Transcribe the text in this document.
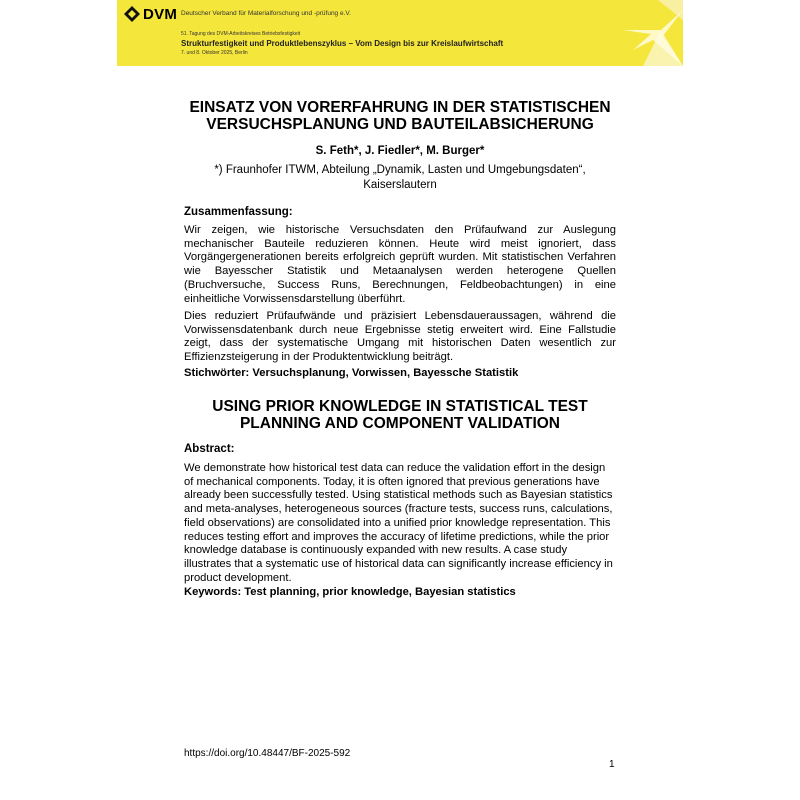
DVM Deutscher Verband für Materialforschung und -prüfung e.V.
51. Tagung des DVM-Arbeitskreises Betriebsfestigkeit
Strukturfestigkeit und Produktlebenszyklus – Vom Design bis zur Kreislaufwirtschaft
7. und 8. Oktober 2025, Berlin
EINSATZ VON VORERFAHRUNG IN DER STATISTISCHEN
VERSUCHSPLANUNG UND BAUTEILABSICHERUNG
S. Feth*, J. Fiedler*, M. Burger*
*) Fraunhofer ITWM, Abteilung „Dynamik, Lasten und Umgebungsdaten“, Kaiserslautern
Zusammenfassung:

Wir zeigen, wie historische Versuchsdaten den Prüfaufwand zur Auslegung mechanischer Bauteile reduzieren können. Heute wird meist ignoriert, dass Vorgängergenerationen bereits erfolgreich geprüft wurden. Mit statistischen Verfahren wie Bayesscher Statistik und Metaanalysen werden heterogene Quellen (Bruchversuche, Success Runs, Berechnungen, Feldbeobachtungen) in eine einheitliche Vorwissensdarstellung überführt.

Dies reduziert Prüfaufwände und präzisiert Lebensdaueraussagen, während die Vorwissensdatenbank durch neue Ergebnisse stetig erweitert wird. Eine Fallstudie zeigt, dass der systematische Umgang mit historischen Daten wesentlich zur Effizienzsteigerung in der Produktentwicklung beiträgt.

Stichwörter: Versuchsplanung, Vorwissen, Bayessche Statistik
USING PRIOR KNOWLEDGE IN STATISTICAL TEST
PLANNING AND COMPONENT VALIDATION
Abstract:

We demonstrate how historical test data can reduce the validation effort in the design of mechanical components. Today, it is often ignored that previous generations have already been successfully tested. Using statistical methods such as Bayesian statistics and meta-analyses, heterogeneous sources (fracture tests, success runs, calculations, field observations) are consolidated into a unified prior knowledge representation. This reduces testing effort and improves the accuracy of lifetime predictions, while the prior knowledge database is continuously expanded with new results. A case study illustrates that a systematic use of historical data can significantly increase efficiency in product development.

Keywords: Test planning, prior knowledge, Bayesian statistics
https://doi.org/10.48447/BF-2025-592
1
